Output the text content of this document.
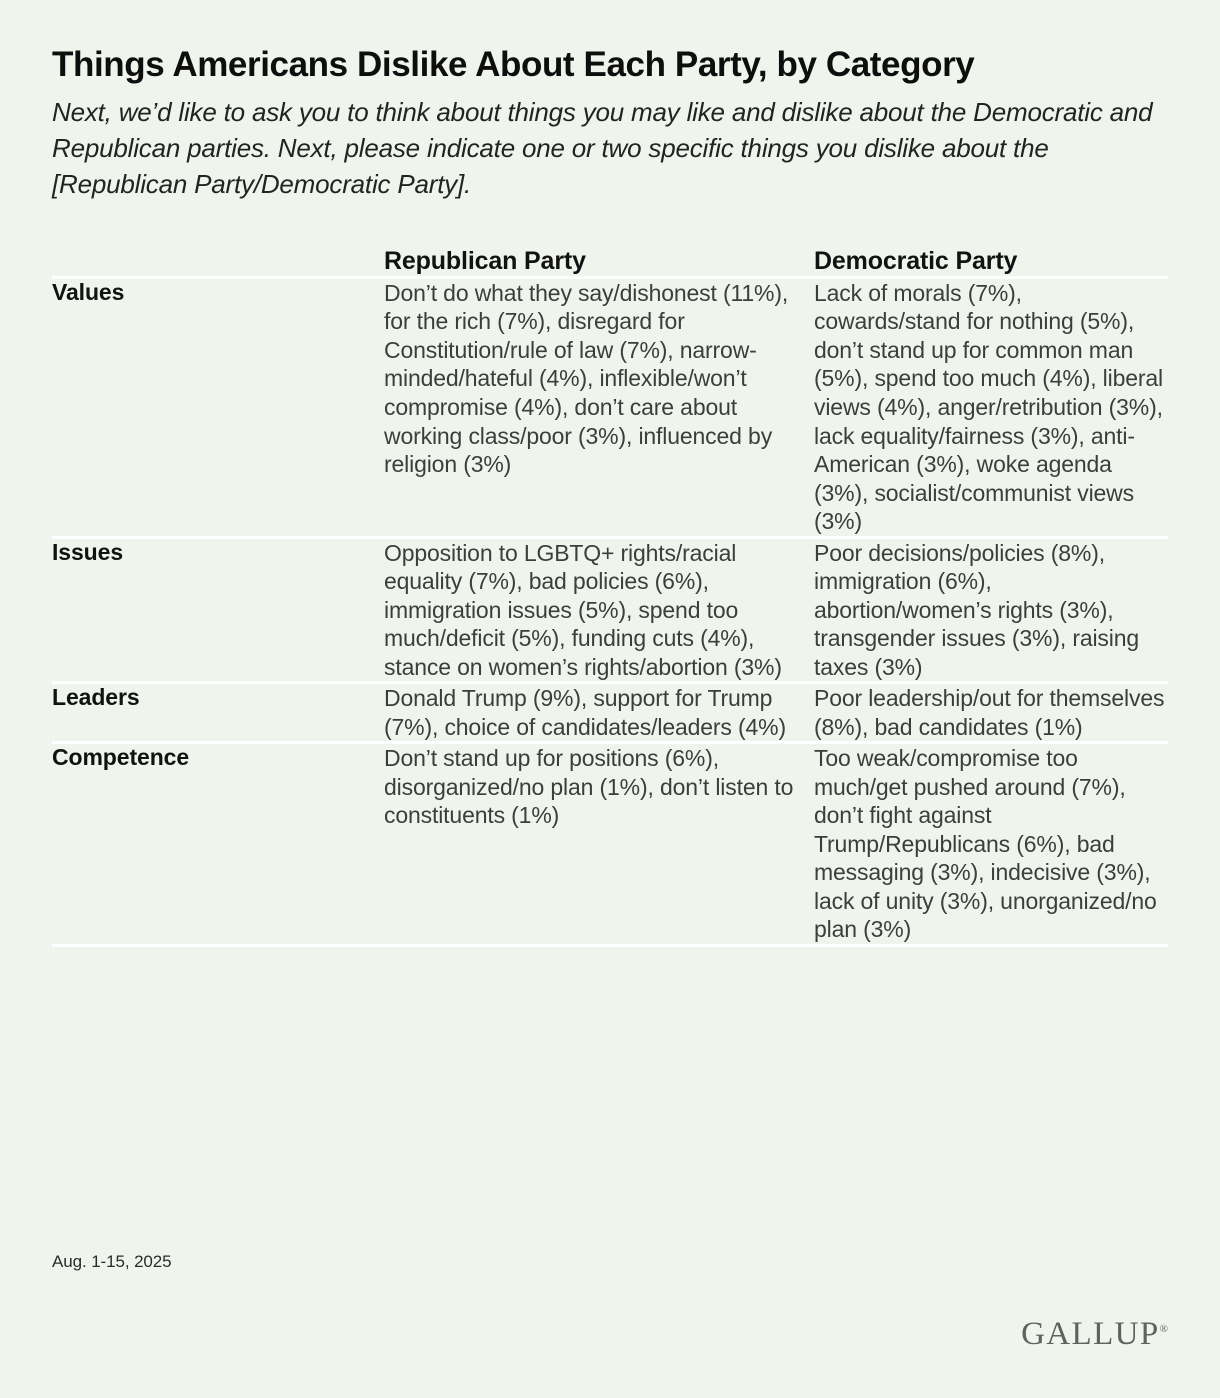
Things Americans Dislike About Each Party, by Category

Next, we’d like to ask you to think about things you may like and dislike about the Democratic and Republican parties. Next, please indicate one or two specific things you dislike about the [Republican Party/Democratic Party].

	Republican Party	Democratic Party
Values	Don’t do what they say/dishonest (11%), for the rich (7%), disregard for Constitution/rule of law (7%), narrow-minded/hateful (4%), inflexible/won’t compromise (4%), don’t care about working class/poor (3%), influenced by religion (3%)	Lack of morals (7%), cowards/stand for nothing (5%), don’t stand up for common man (5%), spend too much (4%), liberal views (4%), anger/retribution (3%), lack equality/fairness (3%), anti-American (3%), woke agenda (3%), socialist/communist views (3%)
Issues	Opposition to LGBTQ+ rights/racial equality (7%), bad policies (6%), immigration issues (5%), spend too much/deficit (5%), funding cuts (4%), stance on women’s rights/abortion (3%)	Poor decisions/policies (8%), immigration (6%), abortion/women’s rights (3%), transgender issues (3%), raising taxes (3%)
Leaders	Donald Trump (9%), support for Trump (7%), choice of candidates/leaders (4%)	Poor leadership/out for themselves (8%), bad candidates (1%)
Competence	Don’t stand up for positions (6%), disorganized/no plan (1%), don’t listen to constituents (1%)	Too weak/compromise too much/get pushed around (7%), don’t fight against Trump/Republicans (6%), bad messaging (3%), indecisive (3%), lack of unity (3%), unorganized/no plan (3%)
Aug. 1-15, 2025
GALLUP®
